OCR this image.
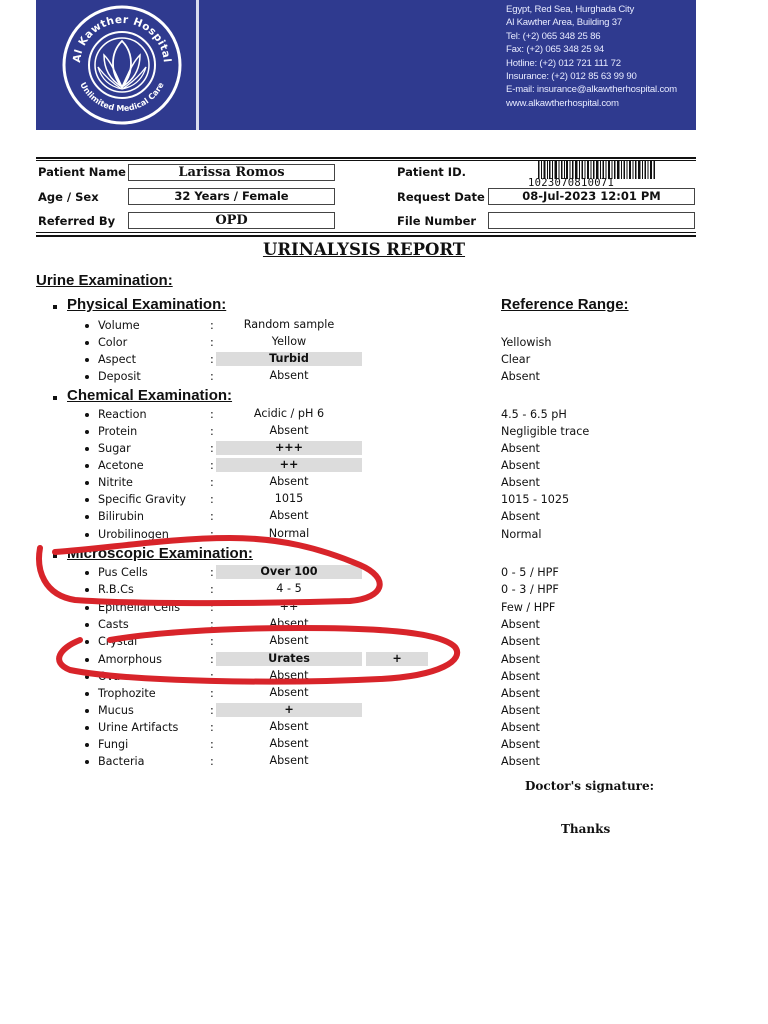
Al Kawther Hospital
Unlimited Medical Care
Egypt, Red Sea, Hurghada City
Al Kawther Area, Building 37
Tel: (+2) 065 348 25 86
Fax: (+2) 065 348 25 94
Hotline: (+2) 012 721 111 72
Insurance: (+2) 012 85 63 99 90
E-mail: insurance@alkawtherhospital.com
www.alkawtherhospital.com
Patient Name	Larissa Romos	Patient ID.
1023070810071
Age / Sex	32 Years / Female	Request Date	08-Jul-2023 12:01 PM
Referred By	OPD	File Number
URINALYSIS REPORT
Urine Examination:
Physical Examination:	Reference Range:
Chemical Examination:
Microscopic Examination:
Volume	:	Random sample
Color	:	Yellow	Yellowish
Aspect	:	Turbid	Clear
Deposit	:	Absent	Absent
Reaction	:	Acidic / pH 6	4.5 - 6.5 pH
Protein	:	Absent	Negligible trace
Sugar	:	+++	Absent
Acetone	:	++	Absent
Nitrite	:	Absent	Absent
Specific Gravity :	1015	1015 - 1025
Bilirubin	:	Absent	Absent
Urobilinogen	:	Normal	Normal
Pus Cells	:	Over 100	0 - 5 / HPF
R.B.Cs	:	4 - 5	0 - 3 / HPF
Epithelial Cells	:	++	Few / HPF
Casts	:	Absent	Absent
Crystal	:	Absent	Absent
Amorphous	:	Urates	+	Absent
Ova	:	Absent	Absent
Trophozite	:	Absent	Absent
Mucus	:	+	Absent
Urine Artifacts	:	Absent	Absent
Fungi	:	Absent	Absent
Bacteria	:	Absent	Absent
Doctor's signature:
Thanks
